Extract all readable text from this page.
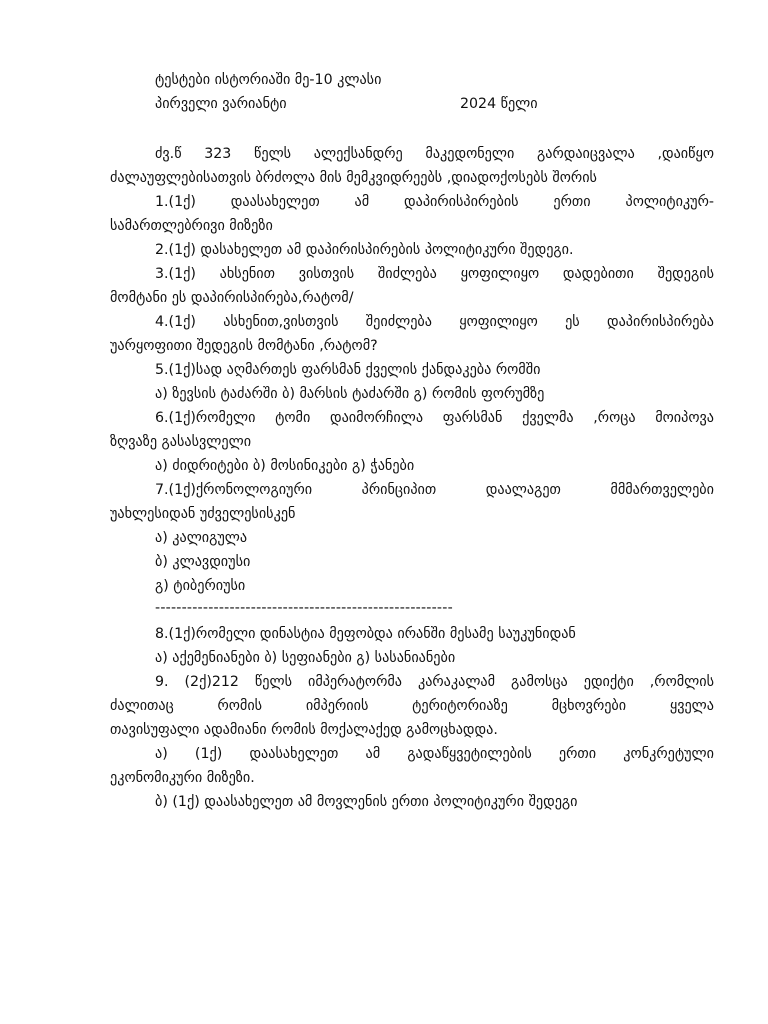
ტესტები ისტორიაში მე-10 კლასი
პირველი ვარიანტი	2024 წელი
ძვ.წ 323 წელს ალექსანდრე მაკედონელი გარდაიცვალა ,დაიწყო
ძალაუფლებისათვის ბრძოლა მის მემკვიდრეებს ,დიადოქოსებს შორის
1.(1ქ) დაასახელეთ ამ დაპირისპირების ერთი პოლიტიკურ-
სამართლებრივი მიზეზი
2.(1ქ) დასახელეთ ამ დაპირისპირების პოლიტიკური შედეგი.
3.(1ქ) ახსენით ვისთვის შიძლება ყოფილიყო დადებითი შედეგის
მომტანი ეს დაპირისპირება,რატომ/
4.(1ქ) ასხენით,ვისთვის შეიძლება ყოფილიყო ეს დაპირისპირება
უარყოფითი შედეგის მომტანი ,რატომ?
5.(1ქ)სად აღმართეს ფარსმან ქველის ქანდაკება რომში
ა) ზევსის ტაძარში ბ) მარსის ტაძარში გ) რომის ფორუმზე
6.(1ქ)რომელი ტომი დაიმორჩილა ფარსმან ქველმა ,როცა მოიპოვა
ზღვაზე გასასვლელი
ა) ძიდრიტები ბ) მოსინიკები გ) ჭანები
7.(1ქ)ქრონოლოგიური პრინციპით დაალაგეთ მმმართველები
უახლესიდან უძველესისკენ
ა) კალიგულა
ბ) კლავდიუსი
გ) ტიბერიუსი
--------------------------------------------------------
8.(1ქ)რომელი დინასტია მეფობდა ირანში მესამე საუკუნიდან
ა) აქემენიანები ბ) სეფიანები გ) სასანიანები
9. (2ქ)212 წელს იმპერატორმა კარაკალამ გამოსცა ედიქტი ,რომლის
ძალითაც რომის იმპერიის ტერიტორიაზე მცხოვრები ყველა
თავისუფალი ადამიანი რომის მოქალაქედ გამოცხადდა.
ა) (1ქ) დაასახელეთ ამ გადაწყვეტილების ერთი კონკრეტული
ეკონომიკური მიზეზი.
ბ) (1ქ) დაასახელეთ ამ მოვლენის ერთი პოლიტიკური შედეგი
